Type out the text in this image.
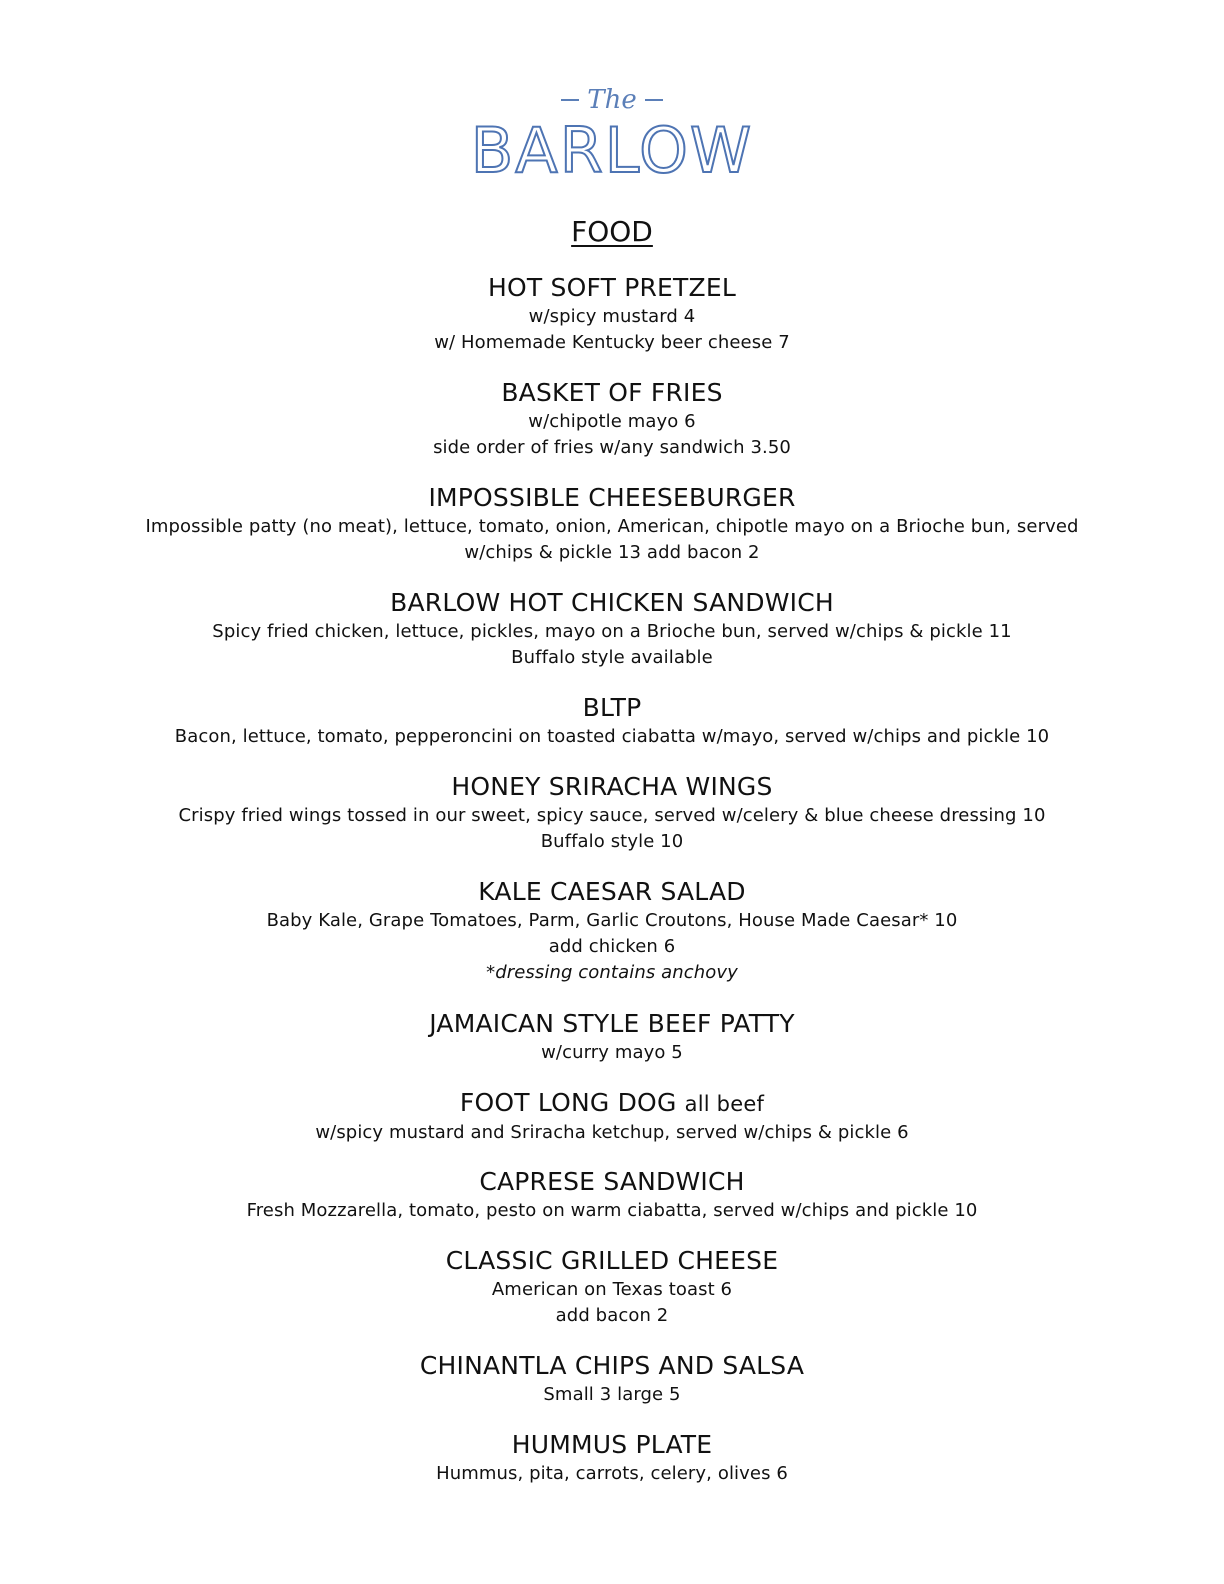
The
BARLOW
FOOD
HOT SOFT PRETZEL
w/spicy mustard 4
w/ Homemade Kentucky beer cheese 7
BASKET OF FRIES
w/chipotle mayo 6
side order of fries w/any sandwich 3.50
IMPOSSIBLE CHEESEBURGER
Impossible patty (no meat), lettuce, tomato, onion, American, chipotle mayo on a Brioche bun, served
w/chips & pickle 13 add bacon 2
BARLOW HOT CHICKEN SANDWICH
Spicy fried chicken, lettuce, pickles, mayo on a Brioche bun, served w/chips & pickle 11
Buffalo style available
BLTP
Bacon, lettuce, tomato, pepperoncini on toasted ciabatta w/mayo, served w/chips and pickle 10
HONEY SRIRACHA WINGS
Crispy fried wings tossed in our sweet, spicy sauce, served w/celery & blue cheese dressing 10
Buffalo style 10
KALE CAESAR SALAD
Baby Kale, Grape Tomatoes, Parm, Garlic Croutons, House Made Caesar* 10
add chicken 6
*dressing contains anchovy
JAMAICAN STYLE BEEF PATTY
w/curry mayo 5
FOOT LONG DOG all beef
w/spicy mustard and Sriracha ketchup, served w/chips & pickle 6
CAPRESE SANDWICH
Fresh Mozzarella, tomato, pesto on warm ciabatta, served w/chips and pickle 10
CLASSIC GRILLED CHEESE
American on Texas toast 6
add bacon 2
CHINANTLA CHIPS AND SALSA
Small 3 large 5
HUMMUS PLATE
Hummus, pita, carrots, celery, olives 6
